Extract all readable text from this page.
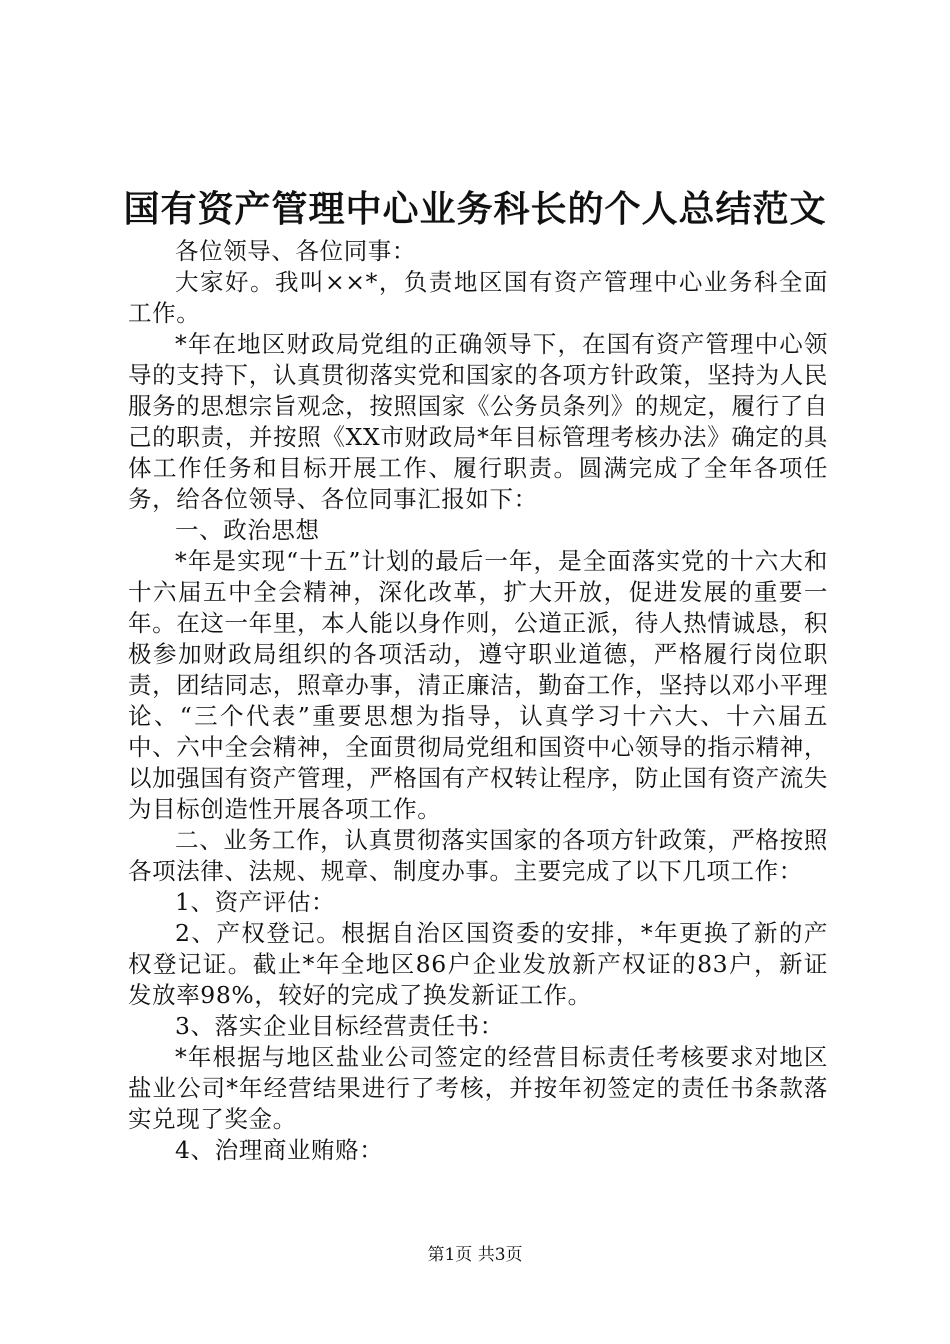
国有资产管理中心业务科长的个人总结范文

各位领导、各位同事：

大家好。我叫××*，负责地区国有资产管理中心业务科全面工作。

*年在地区财政局党组的正确领导下，在国有资产管理中心领导的支持下，认真贯彻落实党和国家的各项方针政策，坚持为人民服务的思想宗旨观念，按照国家《公务员条列》的规定，履行了自己的职责，并按照《XX市财政局*年目标管理考核办法》确定的具体工作任务和目标开展工作、履行职责。圆满完成了全年各项任务，给各位领导、各位同事汇报如下：

一、政治思想

*年是实现“十五”计划的最后一年，是全面落实党的十六大和十六届五中全会精神，深化改革，扩大开放，促进发展的重要一年。在这一年里，本人能以身作则，公道正派，待人热情诚恳，积极参加财政局组织的各项活动，遵守职业道德，严格履行岗位职责，团结同志，照章办事，清正廉洁，勤奋工作，坚持以邓小平理论、“三个代表”重要思想为指导，认真学习十六大、十六届五中、六中全会精神，全面贯彻局党组和国资中心领导的指示精神，以加强国有资产管理，严格国有产权转让程序，防止国有资产流失为目标创造性开展各项工作。

二、业务工作，认真贯彻落实国家的各项方针政策，严格按照各项法律、法规、规章、制度办事。主要完成了以下几项工作：

1、资产评估：

2、产权登记。根据自治区国资委的安排，*年更换了新的产权登记证。截止*年全地区86户企业发放新产权证的83户，新证发放率98%，较好的完成了换发新证工作。

3、落实企业目标经营责任书：

*年根据与地区盐业公司签定的经营目标责任考核要求对地区盐业公司*年经营结果进行了考核，并按年初签定的责任书条款落实兑现了奖金。

4、治理商业贿赂：

第1页 共3页
